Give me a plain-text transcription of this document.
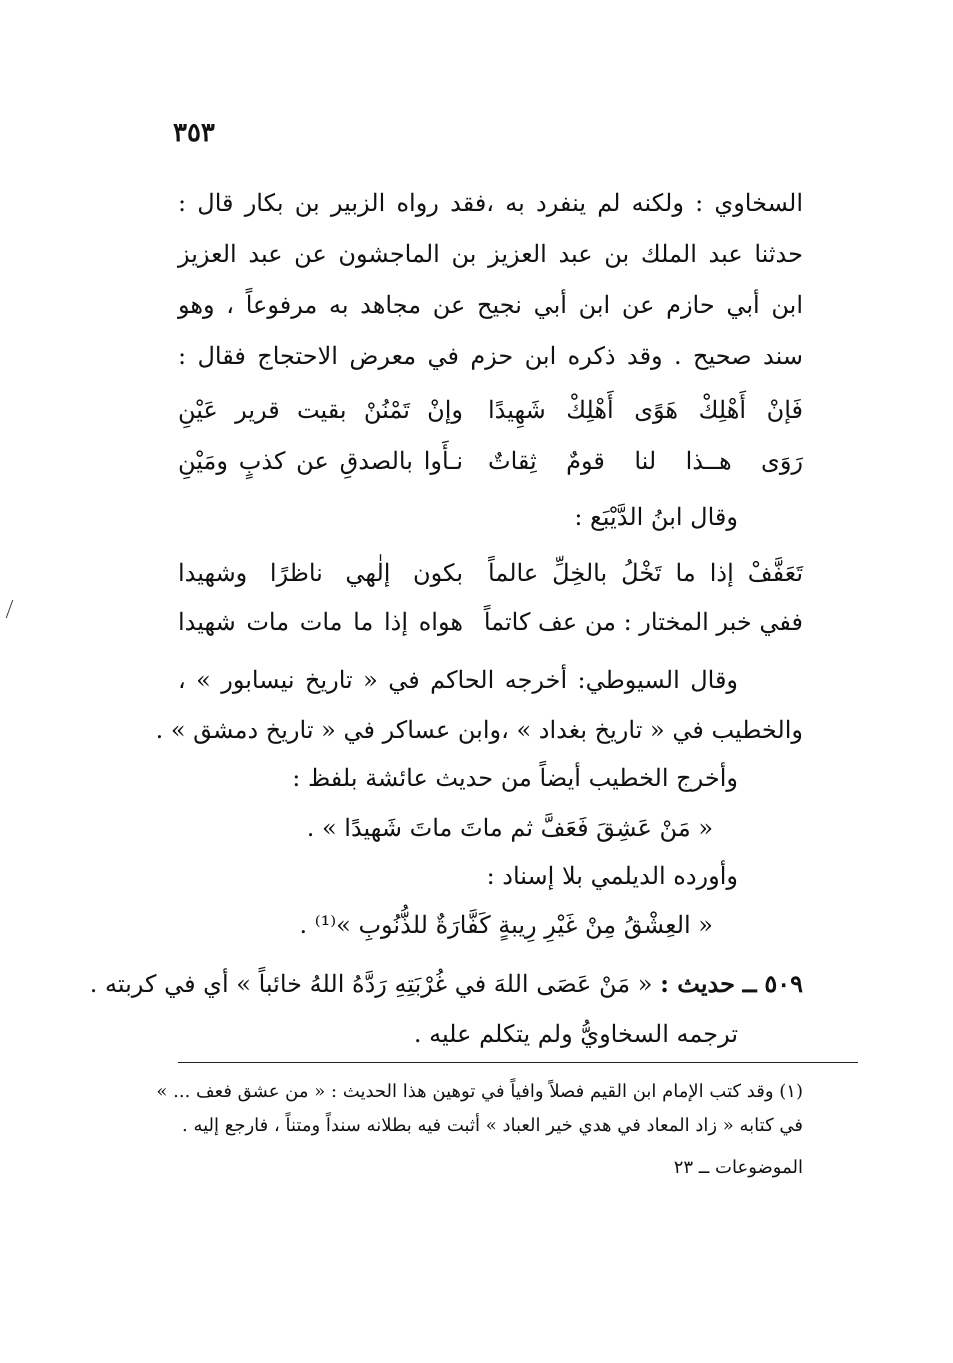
٣٥٣
السخاوي : ولكنه لم ينفرد به ،فقد رواه الزبير بن بكار قال :
حدثنا عبد الملك بن عبد العزيز بن الماجشون عن عبد العزيز
ابن أبي حازم عن ابن أبي نجيح عن مجاهد به مرفوعاً ، وهو
سند صحيح . وقد ذكره ابن حزم في معرض الاحتجاج فقال :
فَإنْ أَهْلِكْ هَوًى أَهْلِكْ شَهِيدًا
وإنْ تَمْنُنْ بقيت قرير عَيْنِ
رَوَى هــذا لنا قومٌ ثِقاتٌ
نـأَوا بالصدقِ عن كذبٍ ومَيْنِ
وقال ابنُ الدَّيْبَع :
تَعَفَّفْ إذا ما تَخْلُ بالخِلِّ عالماً
بكون إلٰهي ناظرًا وشهيدا
ففي خبر المختار : من عف كاتماً
هواه إذا ما مات مات شهيدا
وقال السيوطي: أخرجه الحاكم في « تاريخ نيسابور » ،
والخطيب في « تاريخ بغداد » ،وابن عساكر في « تاريخ دمشق » .
وأخرج الخطيب أيضاً من حديث عائشة بلفظ :
« مَنْ عَشِقَ فَعَفَّ ثم ماتَ ماتَ شَهيدًا » .
وأورده الديلمي بلا إسناد :
« العِشْقُ مِنْ غَيْرِ رِيبةٍ كَفَّارَةٌ للذُّنُوبِ »⁽¹⁾ .
٥٠٩ ــ حديث : « مَنْ عَصَى اللهَ في غُرْبَتِهِ رَدَّهُ اللهُ خائباً » أي في كربته .
ترجمه السخاويُّ ولم يتكلم عليه .
(١) وقد كتب الإمام ابن القيم فصلاً وافياً في توهين هذا الحديث : « من عشق فعف ... »
في كتابه « زاد المعاد في هدي خير العباد » أثبت فيه بطلانه سنداً ومتناً ، فارجع إليه .
الموضوعات ــ ٢٣
